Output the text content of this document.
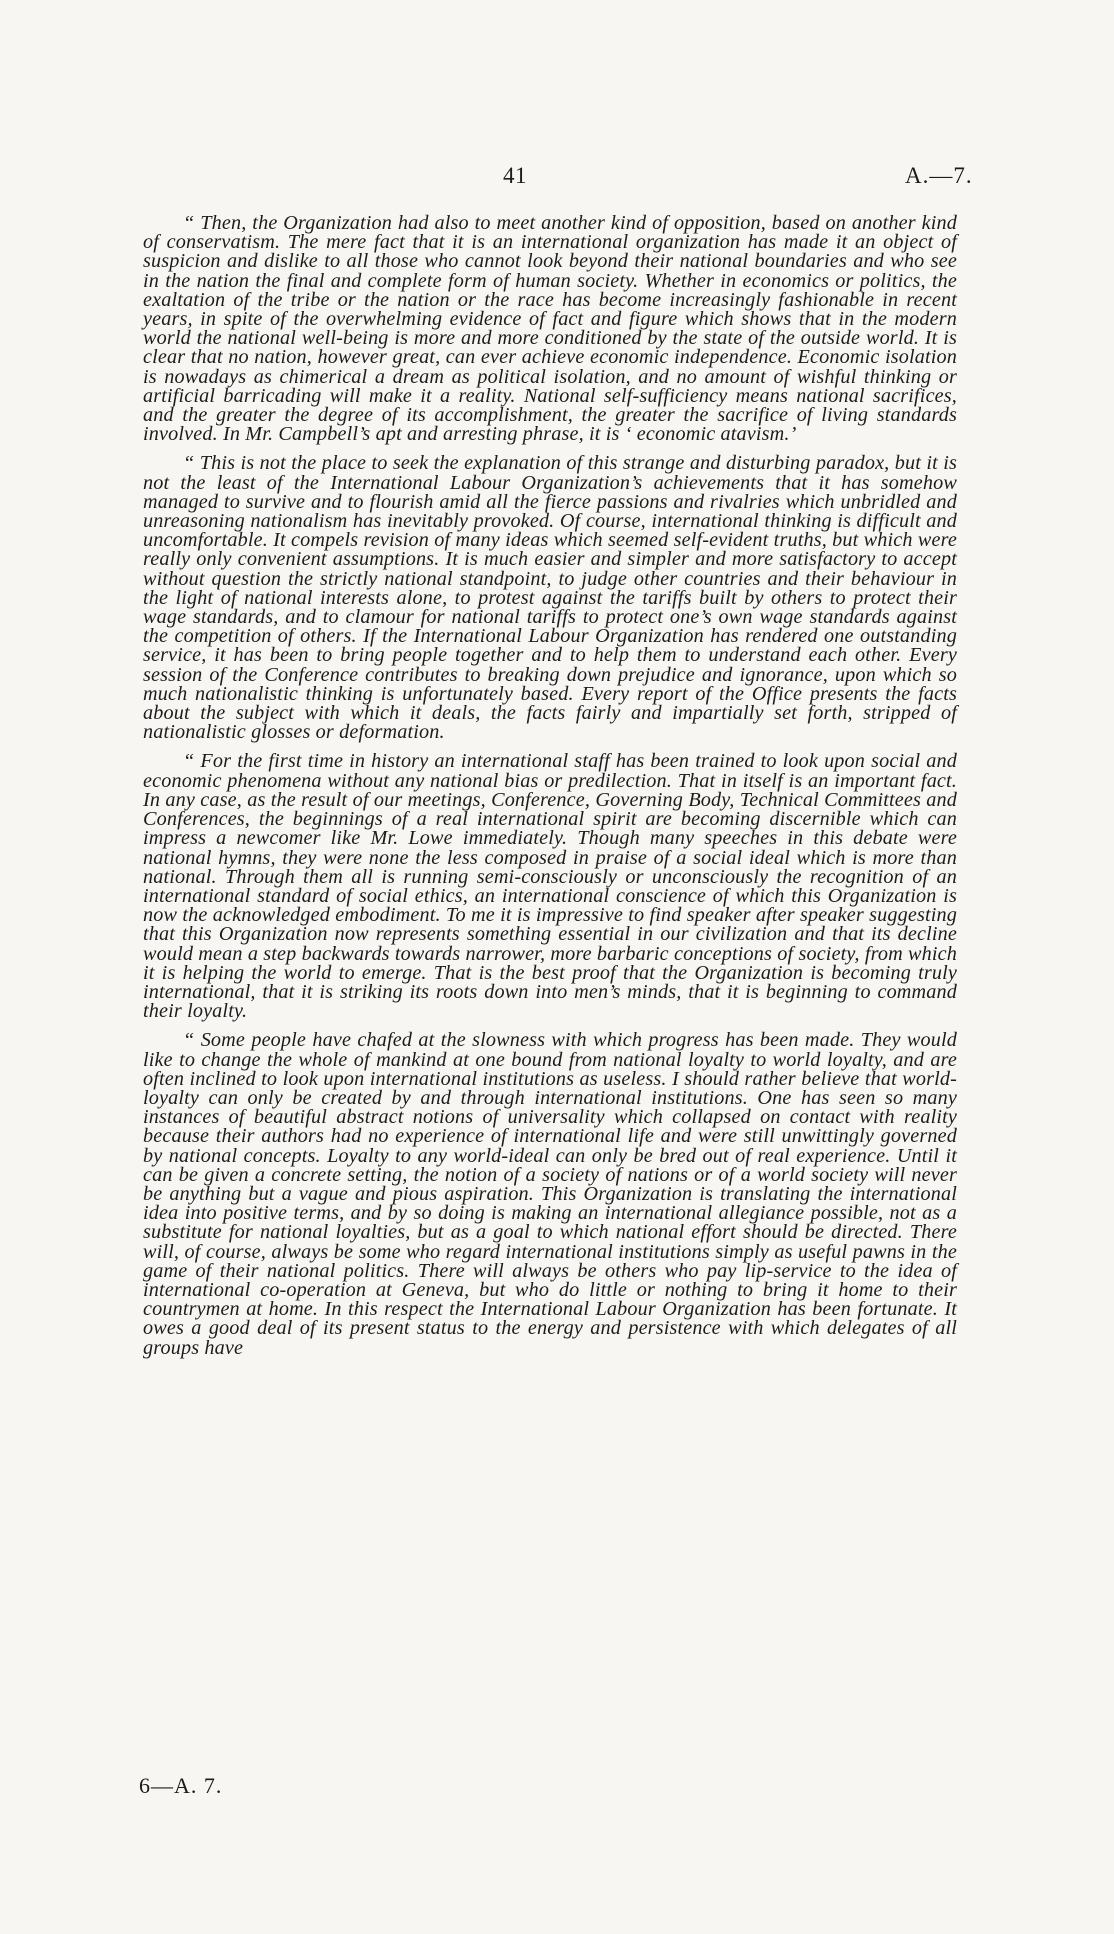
41	A.—7.

“ Then, the Organization had also to meet another kind of opposition, based on another kind of conservatism. The mere fact that it is an international organization has made it an object of suspicion and dislike to all those who cannot look beyond their national boundaries and who see in the nation the final and complete form of human society. Whether in economics or politics, the exaltation of the tribe or the nation or the race has become increasingly fashionable in recent years, in spite of the overwhelming evidence of fact and figure which shows that in the modern world the national well-being is more and more conditioned by the state of the outside world. It is clear that no nation, however great, can ever achieve economic independence. Economic isolation is nowadays as chimerical a dream as political isolation, and no amount of wishful thinking or artificial barricading will make it a reality. National self-sufficiency means national sacrifices, and the greater the degree of its accomplishment, the greater the sacrifice of living standards involved. In Mr. Campbell’s apt and arresting phrase, it is ‘ economic atavism.’

“ This is not the place to seek the explanation of this strange and disturbing paradox, but it is not the least of the International Labour Organization’s achievements that it has somehow managed to survive and to flourish amid all the fierce passions and rivalries which unbridled and unreasoning nationalism has inevitably provoked. Of course, international thinking is difficult and uncomfortable. It compels revision of many ideas which seemed self-evident truths, but which were really only convenient assumptions. It is much easier and simpler and more satisfactory to accept without question the strictly national standpoint, to judge other countries and their behaviour in the light of national interests alone, to protest against the tariffs built by others to protect their wage standards, and to clamour for national tariffs to protect one’s own wage standards against the competition of others. If the International Labour Organization has rendered one outstanding service, it has been to bring people together and to help them to understand each other. Every session of the Conference contributes to breaking down prejudice and ignorance, upon which so much nationalistic thinking is unfortunately based. Every report of the Office presents the facts about the subject with which it deals, the facts fairly and impartially set forth, stripped of nationalistic glosses or deformation.

“ For the first time in history an international staff has been trained to look upon social and economic phenomena without any national bias or predilection. That in itself is an important fact. In any case, as the result of our meetings, Conference, Governing Body, Technical Committees and Conferences, the beginnings of a real international spirit are becoming discernible which can impress a newcomer like Mr. Lowe immediately. Though many speeches in this debate were national hymns, they were none the less composed in praise of a social ideal which is more than national. Through them all is running semi-consciously or unconsciously the recognition of an international standard of social ethics, an international conscience of which this Organization is now the acknowledged embodiment. To me it is impressive to find speaker after speaker suggesting that this Organization now represents something essential in our civilization and that its decline would mean a step backwards towards narrower, more barbaric conceptions of society, from which it is helping the world to emerge. That is the best proof that the Organization is becoming truly international, that it is striking its roots down into men’s minds, that it is beginning to command their loyalty.

“ Some people have chafed at the slowness with which progress has been made. They would like to change the whole of mankind at one bound from national loyalty to world loyalty, and are often inclined to look upon international institutions as useless. I should rather believe that world-loyalty can only be created by and through international institutions. One has seen so many instances of beautiful abstract notions of universality which collapsed on contact with reality because their authors had no experience of international life and were still unwittingly governed by national concepts. Loyalty to any world-ideal can only be bred out of real experience. Until it can be given a concrete setting, the notion of a society of nations or of a world society will never be anything but a vague and pious aspiration. This Organization is translating the international idea into positive terms, and by so doing is making an international allegiance possible, not as a substitute for national loyalties, but as a goal to which national effort should be directed. There will, of course, always be some who regard international institutions simply as useful pawns in the game of their national politics. There will always be others who pay lip-service to the idea of international co-operation at Geneva, but who do little or nothing to bring it home to their countrymen at home. In this respect the International Labour Organization has been fortunate. It owes a good deal of its present status to the energy and persistence with which delegates of all groups have

6—A. 7.
